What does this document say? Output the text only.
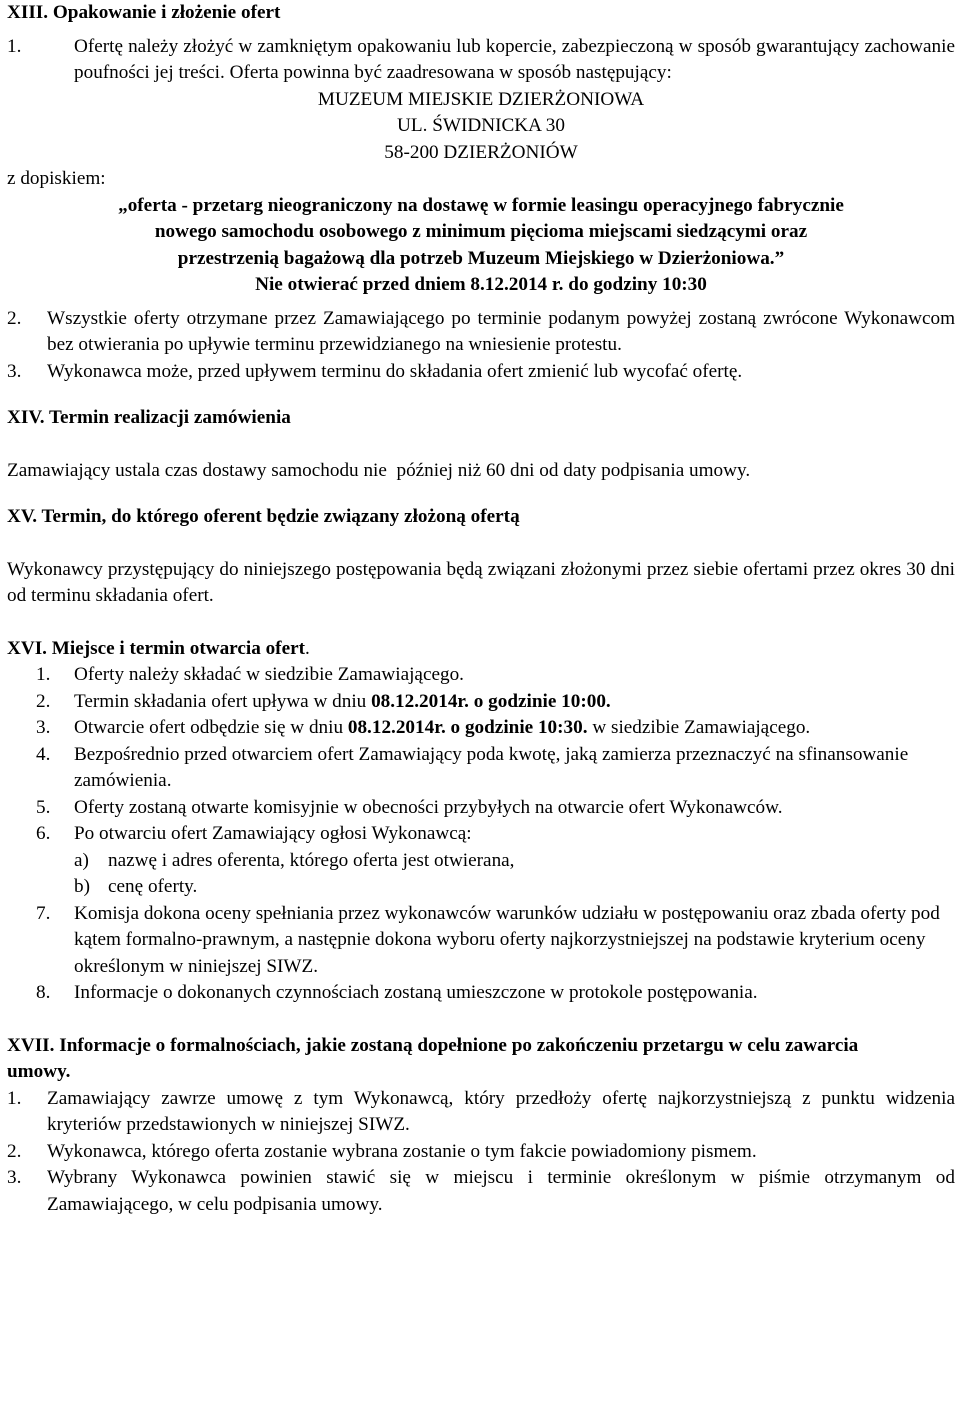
XIII. Opakowanie i złożenie ofert

1.	Ofertę należy złożyć w zamkniętym opakowaniu lub kopercie, zabezpieczoną w sposób gwarantujący zachowanie poufności jej treści. Oferta powinna być zaadresowana w sposób następujący:

MUZEUM MIEJSKIE DZIERŻONIOWA

UL. ŚWIDNICKA 30

58-200 DZIERŻONIÓW

z dopiskiem:

„oferta - przetarg nieograniczony na dostawę w formie leasingu operacyjnego fabrycznie

nowego samochodu osobowego z minimum pięcioma miejscami siedzącymi oraz

przestrzenią bagażową dla potrzeb Muzeum Miejskiego w Dzierżoniowa.”

Nie otwierać przed dniem 8.12.2014 r. do godziny 10:30

2. Wszystkie oferty otrzymane przez Zamawiającego po terminie podanym powyżej zostaną zwrócone Wykonawcom bez otwierania po upływie terminu przewidzianego na wniesienie protestu.
3. Wykonawca może, przed upływem terminu do składania ofert zmienić lub wycofać ofertę.

XIV. Termin realizacji zamówienia

Zamawiający ustala czas dostawy samochodu nie  później niż 60 dni od daty podpisania umowy.

XV. Termin, do którego oferent będzie związany złożoną ofertą

Wykonawcy przystępujący do niniejszego postępowania będą związani złożonymi przez siebie ofertami przez okres 30 dni od terminu składania ofert.

XVI. Miejsce i termin otwarcia ofert.

1. Oferty należy składać w siedzibie Zamawiającego.
2. Termin składania ofert upływa w dniu 08.12.2014r. o godzinie 10:00.
3. Otwarcie ofert odbędzie się w dniu 08.12.2014r. o godzinie 10:30. w siedzibie Zamawiającego.
4. Bezpośrednio przed otwarciem ofert Zamawiający poda kwotę, jaką zamierza przeznaczyć na sfinansowanie zamówienia.
5. Oferty zostaną otwarte komisyjnie w obecności przybyłych na otwarcie ofert Wykonawców.
6. Po otwarciu ofert Zamawiający ogłosi Wykonawcą:
a) nazwę i adres oferenta, którego oferta jest otwierana,
b) cenę oferty.
7. Komisja dokona oceny spełniania przez wykonawców warunków udziału w postępowaniu oraz zbada oferty pod kątem formalno-prawnym, a następnie dokona wyboru oferty najkorzystniejszej na podstawie kryterium oceny określonym w niniejszej SIWZ.
8. Informacje o dokonanych czynnościach zostaną umieszczone w protokole postępowania.

XVII. Informacje o formalnościach, jakie zostaną dopełnione po zakończeniu przetargu w celu zawarcia umowy.

1. Zamawiający zawrze umowę z tym Wykonawcą, który przedłoży ofertę najkorzystniejszą z punktu widzenia kryteriów przedstawionych w niniejszej SIWZ.
2. Wykonawca, którego oferta zostanie wybrana zostanie o tym fakcie powiadomiony pismem.
3. Wybrany Wykonawca powinien stawić się w miejscu i terminie określonym w piśmie otrzymanym od Zamawiającego, w celu podpisania umowy.
